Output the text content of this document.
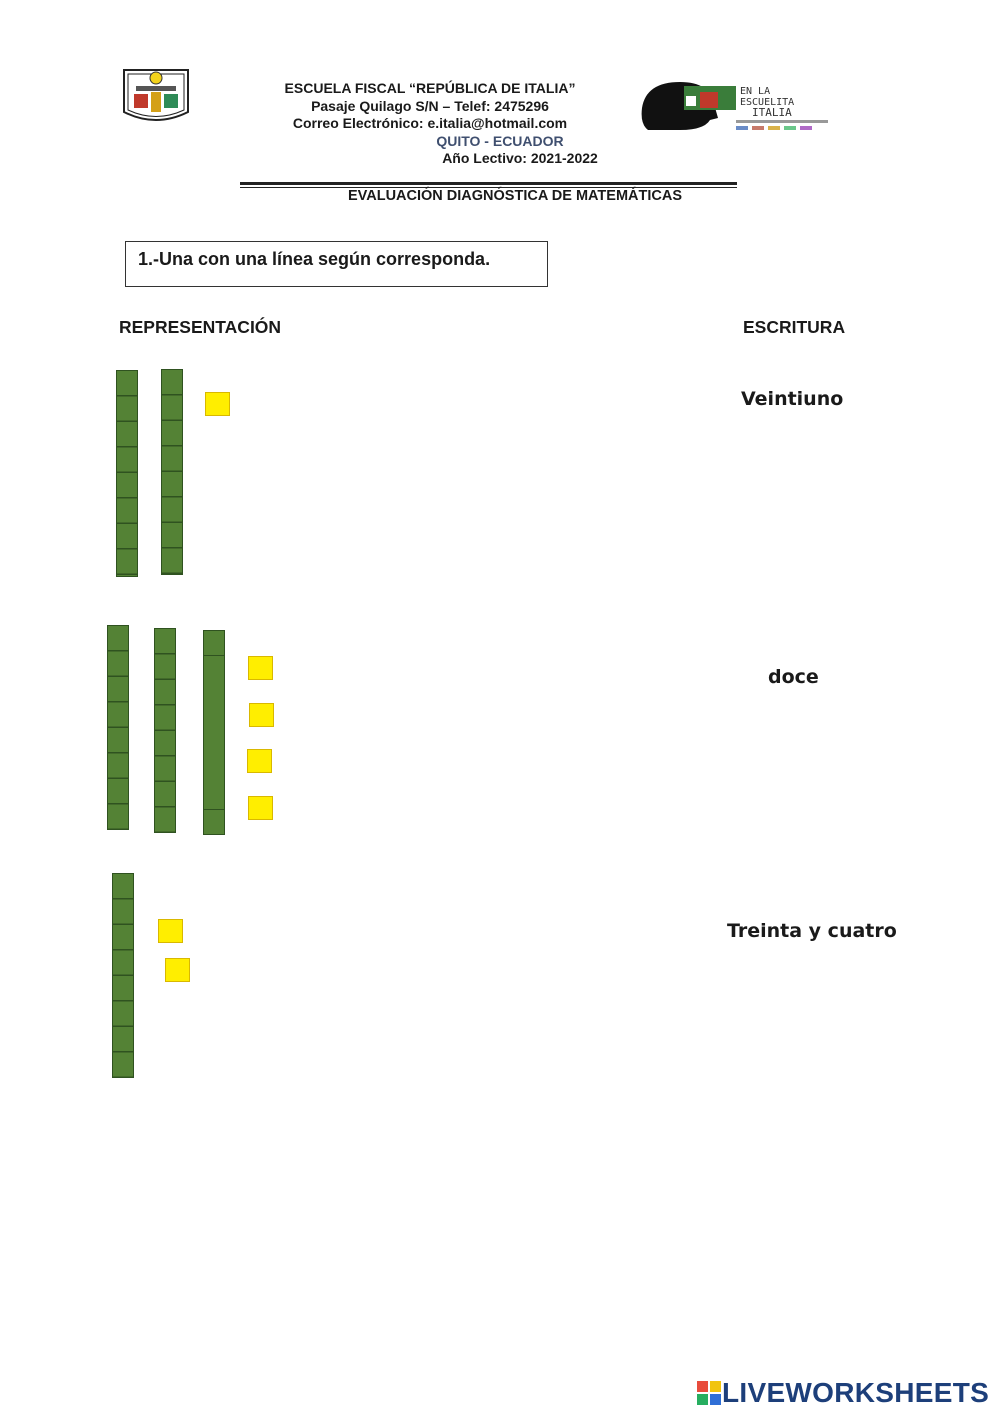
ESCUELA FISCAL “REPÚBLICA DE ITALIA”
Pasaje Quilago S/N – Telef: 2475296
Correo Electrónico: e.italia@hotmail.com
QUITO - ECUADOR
Año Lectivo: 2021-2022
EN LA
ESCUELITA
ITALIA
EVALUACIÓN DIAGNÓSTICA DE MATEMÁTICAS
1.-Una con una línea según corresponda.
REPRESENTACIÓN	ESCRITURA
Veintiuno
doce
Treinta y cuatro
LIVEWORKSHEETS
